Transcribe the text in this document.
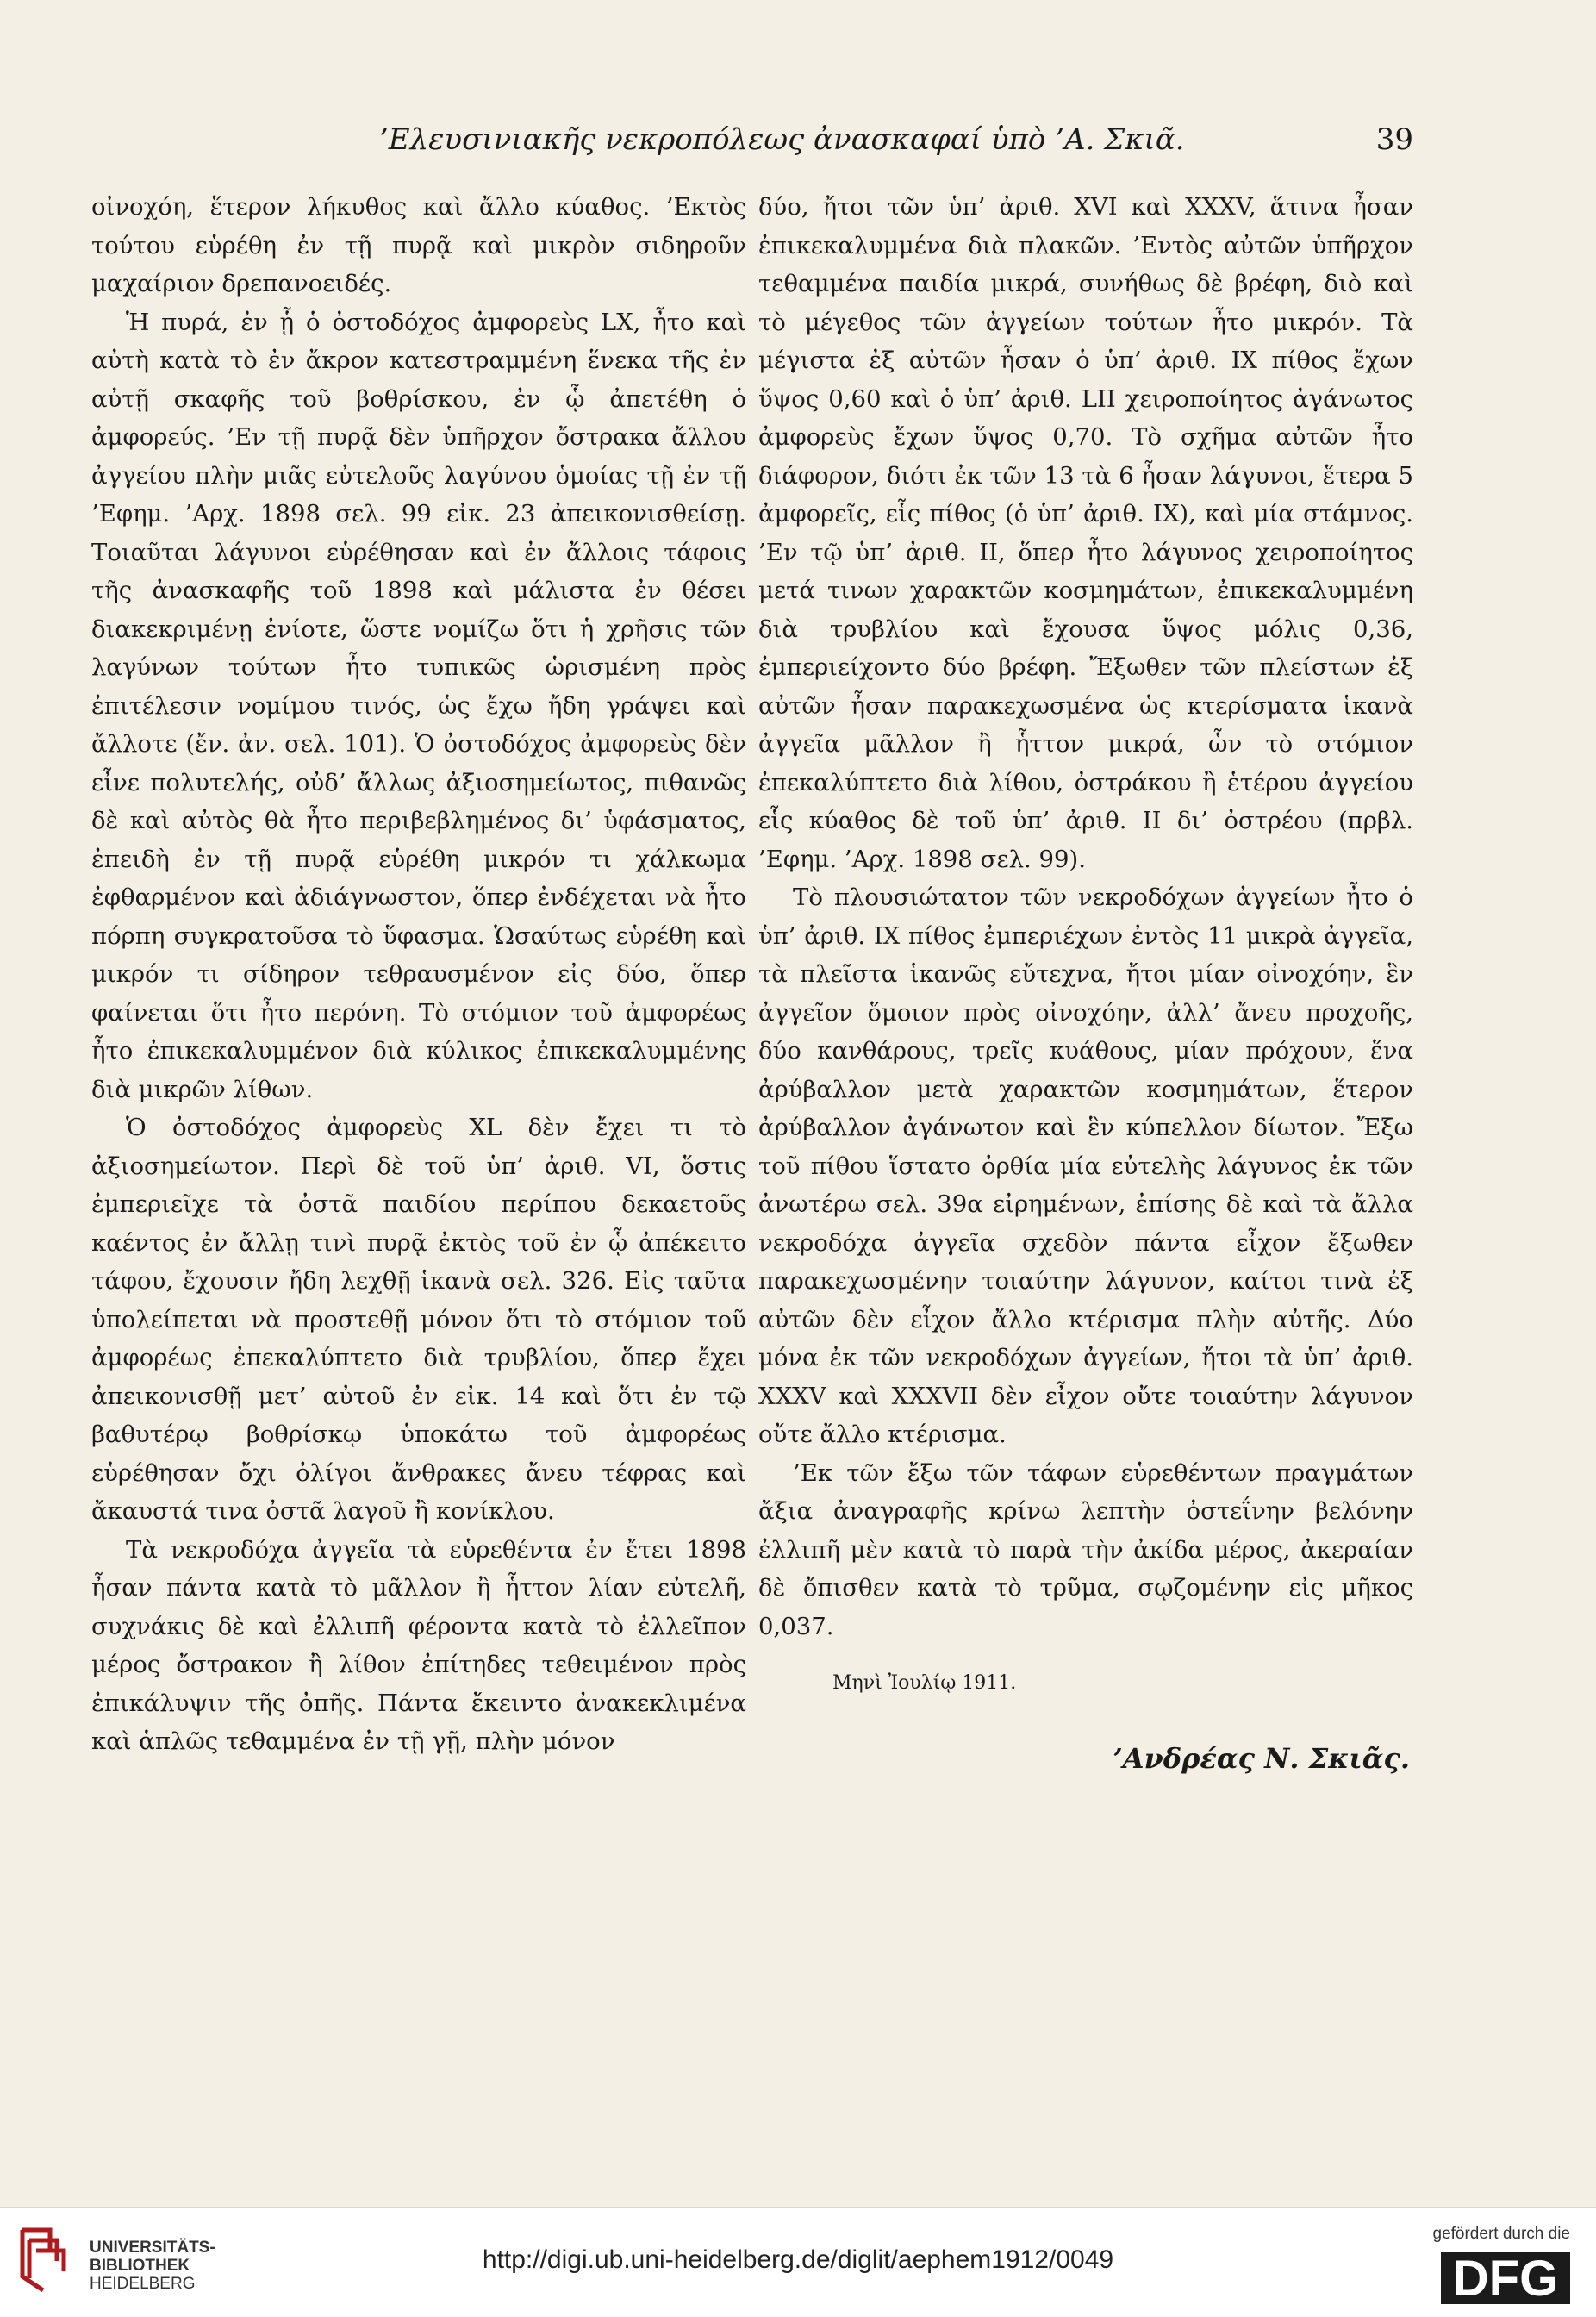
’Ελευσινιακῆς νεκροπόλεως ἀνασκαφαί ὑπὸ ’Α. Σκιᾶ.	39

οἰνοχόη, ἕτερον λήκυθος καὶ ἄλλο κύαθος. ’Εκτὸς τούτου εὑρέθη ἐν τῇ πυρᾷ καὶ μικρὸν σιδηροῦν μαχαίριον δρεπανοειδές.

Ἡ πυρά, ἐν ᾗ ὁ ὀστοδόχος ἀμφορεὺς LX, ἦτο καὶ αὐτὴ κατὰ τὸ ἐν ἄκρον κατεστραμμένη ἕνεκα τῆς ἐν αὐτῇ σκαφῆς τοῦ βοθρίσκου, ἐν ᾧ ἀπετέθη ὁ ἀμφορεύς. ’Εν τῇ πυρᾷ δὲν ὑπῆρχον ὄστρακα ἄλλου ἀγγείου πλὴν μιᾶς εὐτελοῦς λαγύνου ὁμοίας τῇ ἐν τῇ ’Εφημ. ’Αρχ. 1898 σελ. 99 εἰκ. 23 ἀπεικονισθείσῃ. Τοιαῦται λάγυνοι εὑρέθησαν καὶ ἐν ἄλλοις τάφοις τῆς ἀνασκαφῆς τοῦ 1898 καὶ μάλιστα ἐν θέσει διακεκριμένῃ ἐνίοτε, ὥστε νομίζω ὅτι ἡ χρῆσις τῶν λαγύνων τούτων ἦτο τυπικῶς ὡρισμένη πρὸς ἐπιτέλεσιν νομίμου τινός, ὡς ἔχω ἤδη γράψει καὶ ἄλλοτε (ἔν. ἀν. σελ. 101). Ὁ ὀστοδόχος ἀμφορεὺς δὲν εἶνε πολυτελής, οὐδ’ ἄλλως ἀξιοσημείωτος, πιθανῶς δὲ καὶ αὐτὸς θὰ ἦτο περιβεβλημένος δι’ ὑφάσματος, ἐπειδὴ ἐν τῇ πυρᾷ εὑρέθη μικρόν τι χάλκωμα ἐφθαρμένον καὶ ἀδιάγνωστον, ὅπερ ἐνδέχεται νὰ ἦτο πόρπη συγκρατοῦσα τὸ ὕφασμα. Ὡσαύτως εὑρέθη καὶ μικρόν τι σίδηρον τεθραυσμένον εἰς δύο, ὅπερ φαίνεται ὅτι ἦτο περόνη. Τὸ στόμιον τοῦ ἀμφορέως ἦτο ἐπικεκαλυμμένον διὰ κύλικος ἐπικεκαλυμμένης διὰ μικρῶν λίθων.

Ὁ ὀστοδόχος ἀμφορεὺς XL δὲν ἔχει τι τὸ ἀξιοσημείωτον. Περὶ δὲ τοῦ ὑπ’ ἀριθ. VI, ὅστις ἐμπεριεῖχε τὰ ὀστᾶ παιδίου περίπου δεκαετοῦς καέντος ἐν ἄλλῃ τινὶ πυρᾷ ἐκτὸς τοῦ ἐν ᾧ ἀπέκειτο τάφου, ἔχουσιν ἤδη λεχθῇ ἱκανὰ σελ. 326. Εἰς ταῦτα ὑπολείπεται νὰ προστεθῇ μόνον ὅτι τὸ στόμιον τοῦ ἀμφορέως ἐπεκαλύπτετο διὰ τρυβλίου, ὅπερ ἔχει ἀπεικονισθῇ μετ’ αὐτοῦ ἐν εἰκ. 14 καὶ ὅτι ἐν τῷ βαθυτέρῳ βοθρίσκῳ ὑποκάτω τοῦ ἀμφορέως εὑρέθησαν ὄχι ὀλίγοι ἄνθρακες ἄνευ τέφρας καὶ ἄκαυστά τινα ὀστᾶ λαγοῦ ἢ κονίκλου.

Τὰ νεκροδόχα ἀγγεῖα τὰ εὑρεθέντα ἐν ἔτει 1898 ἦσαν πάντα κατὰ τὸ μᾶλλον ἢ ἧττον λίαν εὐτελῆ, συχνάκις δὲ καὶ ἐλλιπῆ φέροντα κατὰ τὸ ἐλλεῖπον μέρος ὄστρακον ἢ λίθον ἐπίτηδες τεθειμένον πρὸς ἐπικάλυψιν τῆς ὀπῆς. Πάντα ἔκειντο ἀνακεκλιμένα καὶ ἁπλῶς τεθαμμένα ἐν τῇ γῇ, πλὴν μόνον

δύο, ἤτοι τῶν ὑπ’ ἀριθ. XVI καὶ XXXV, ἅτινα ἦσαν ἐπικεκαλυμμένα διὰ πλακῶν. ’Εντὸς αὐτῶν ὑπῆρχον τεθαμμένα παιδία μικρά, συνήθως δὲ βρέφη, διὸ καὶ τὸ μέγεθος τῶν ἀγγείων τούτων ἦτο μικρόν. Τὰ μέγιστα ἐξ αὐτῶν ἦσαν ὁ ὑπ’ ἀριθ. IX πίθος ἔχων ὕψος 0,60 καὶ ὁ ὑπ’ ἀριθ. LII χειροποίητος ἀγάνωτος ἀμφορεὺς ἔχων ὕψος 0,70. Τὸ σχῆμα αὐτῶν ἦτο διάφορον, διότι ἐκ τῶν 13 τὰ 6 ἦσαν λάγυνοι, ἕτερα 5 ἀμφορεῖς, εἷς πίθος (ὁ ὑπ’ ἀριθ. IX), καὶ μία στάμνος. ’Εν τῷ ὑπ’ ἀριθ. II, ὅπερ ἦτο λάγυνος χειροποίητος μετά τινων χαρακτῶν κοσμημάτων, ἐπικεκαλυμμένη διὰ τρυβλίου καὶ ἔχουσα ὕψος μόλις 0,36, ἐμπεριείχοντο δύο βρέφη. Ἔξωθεν τῶν πλείστων ἐξ αὐτῶν ἦσαν παρακεχωσμένα ὡς κτερίσματα ἱκανὰ ἀγγεῖα μᾶλλον ἢ ἧττον μικρά, ὧν τὸ στόμιον ἐπεκαλύπτετο διὰ λίθου, ὀστράκου ἢ ἑτέρου ἀγγείου εἷς κύαθος δὲ τοῦ ὑπ’ ἀριθ. II δι’ ὀστρέου (πρβλ. ’Εφημ. ’Αρχ. 1898 σελ. 99).

Τὸ πλουσιώτατον τῶν νεκροδόχων ἀγγείων ἦτο ὁ ὑπ’ ἀριθ. IX πίθος ἐμπεριέχων ἐντὸς 11 μικρὰ ἀγγεῖα, τὰ πλεῖστα ἱκανῶς εὔτεχνα, ἤτοι μίαν οἰνοχόην, ἓν ἀγγεῖον ὅμοιον πρὸς οἰνοχόην, ἀλλ’ ἄνευ προχοῆς, δύο κανθάρους, τρεῖς κυάθους, μίαν πρόχουν, ἕνα ἀρύβαλλον μετὰ χαρακτῶν κοσμημάτων, ἕτερον ἀρύβαλλον ἀγάνωτον καὶ ἓν κύπελλον δίωτον. Ἔξω τοῦ πίθου ἵστατο ὀρθία μία εὐτελὴς λάγυνος ἐκ τῶν ἀνωτέρω σελ. 39α εἰρημένων, ἐπίσης δὲ καὶ τὰ ἄλλα νεκροδόχα ἀγγεῖα σχεδὸν πάντα εἶχον ἔξωθεν παρακεχωσμένην τοιαύτην λάγυνον, καίτοι τινὰ ἐξ αὐτῶν δὲν εἶχον ἄλλο κτέρισμα πλὴν αὐτῆς. Δύο μόνα ἐκ τῶν νεκροδόχων ἀγγείων, ἤτοι τὰ ὑπ’ ἀριθ. XXXV καὶ XXXVII δὲν εἶχον οὔτε τοιαύτην λάγυνον οὔτε ἄλλο κτέρισμα.

’Εκ τῶν ἔξω τῶν τάφων εὑρεθέντων πραγμάτων ἄξια ἀναγραφῆς κρίνω λεπτὴν ὀστεΐνην βελόνην ἐλλιπῆ μὲν κατὰ τὸ παρὰ τὴν ἀκίδα μέρος, ἀκεραίαν δὲ ὄπισθεν κατὰ τὸ τρῦμα, σῳζομένην εἰς μῆκος 0,037.

Μηνὶ Ἰουλίῳ 1911.
’Ανδρέας Ν. Σκιᾶς.
UNIVERSITÄTS-
BIBLIOTHEK
HEIDELBERG
http://digi.ub.uni-heidelberg.de/diglit/aephem1912/0049
gefördert durch die
DFG
